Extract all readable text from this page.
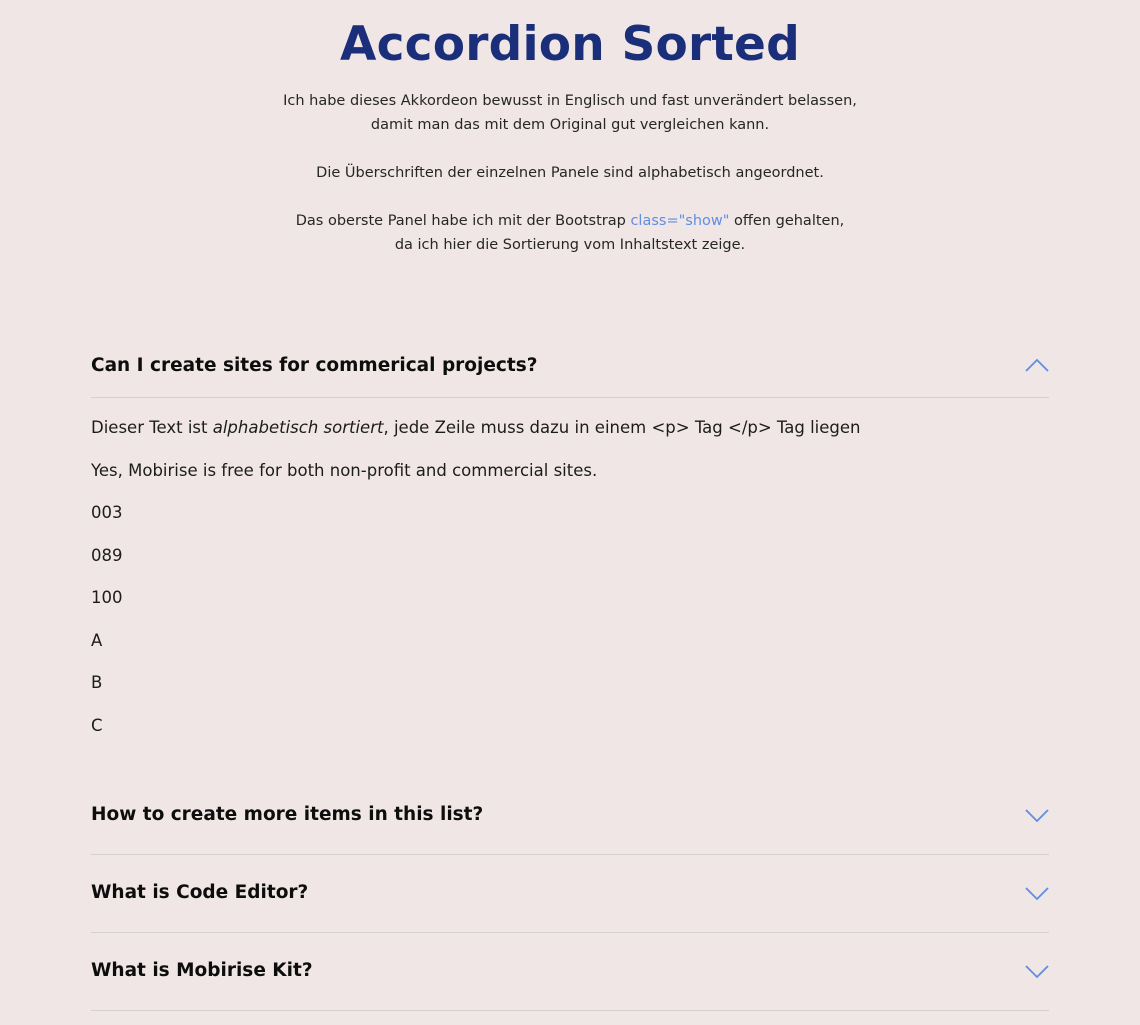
Accordion Sorted

Ich habe dieses Akkordeon bewusst in Englisch und fast unverändert belassen,
damit man das mit dem Original gut vergleichen kann.

Die Überschriften der einzelnen Panele sind alphabetisch angeordnet.

Das oberste Panel habe ich mit der Bootstrap class="show" offen gehalten,
da ich hier die Sortierung vom Inhaltstext zeige.

Can I create sites for commerical projects?

Dieser Text ist alphabetisch sortiert, jede Zeile muss dazu in einem <p> Tag </p> Tag liegen

Yes, Mobirise is free for both non-profit and commercial sites.

003

089

100

A

B

C

How to create more items in this list?
What is Code Editor?
What is Mobirise Kit?
